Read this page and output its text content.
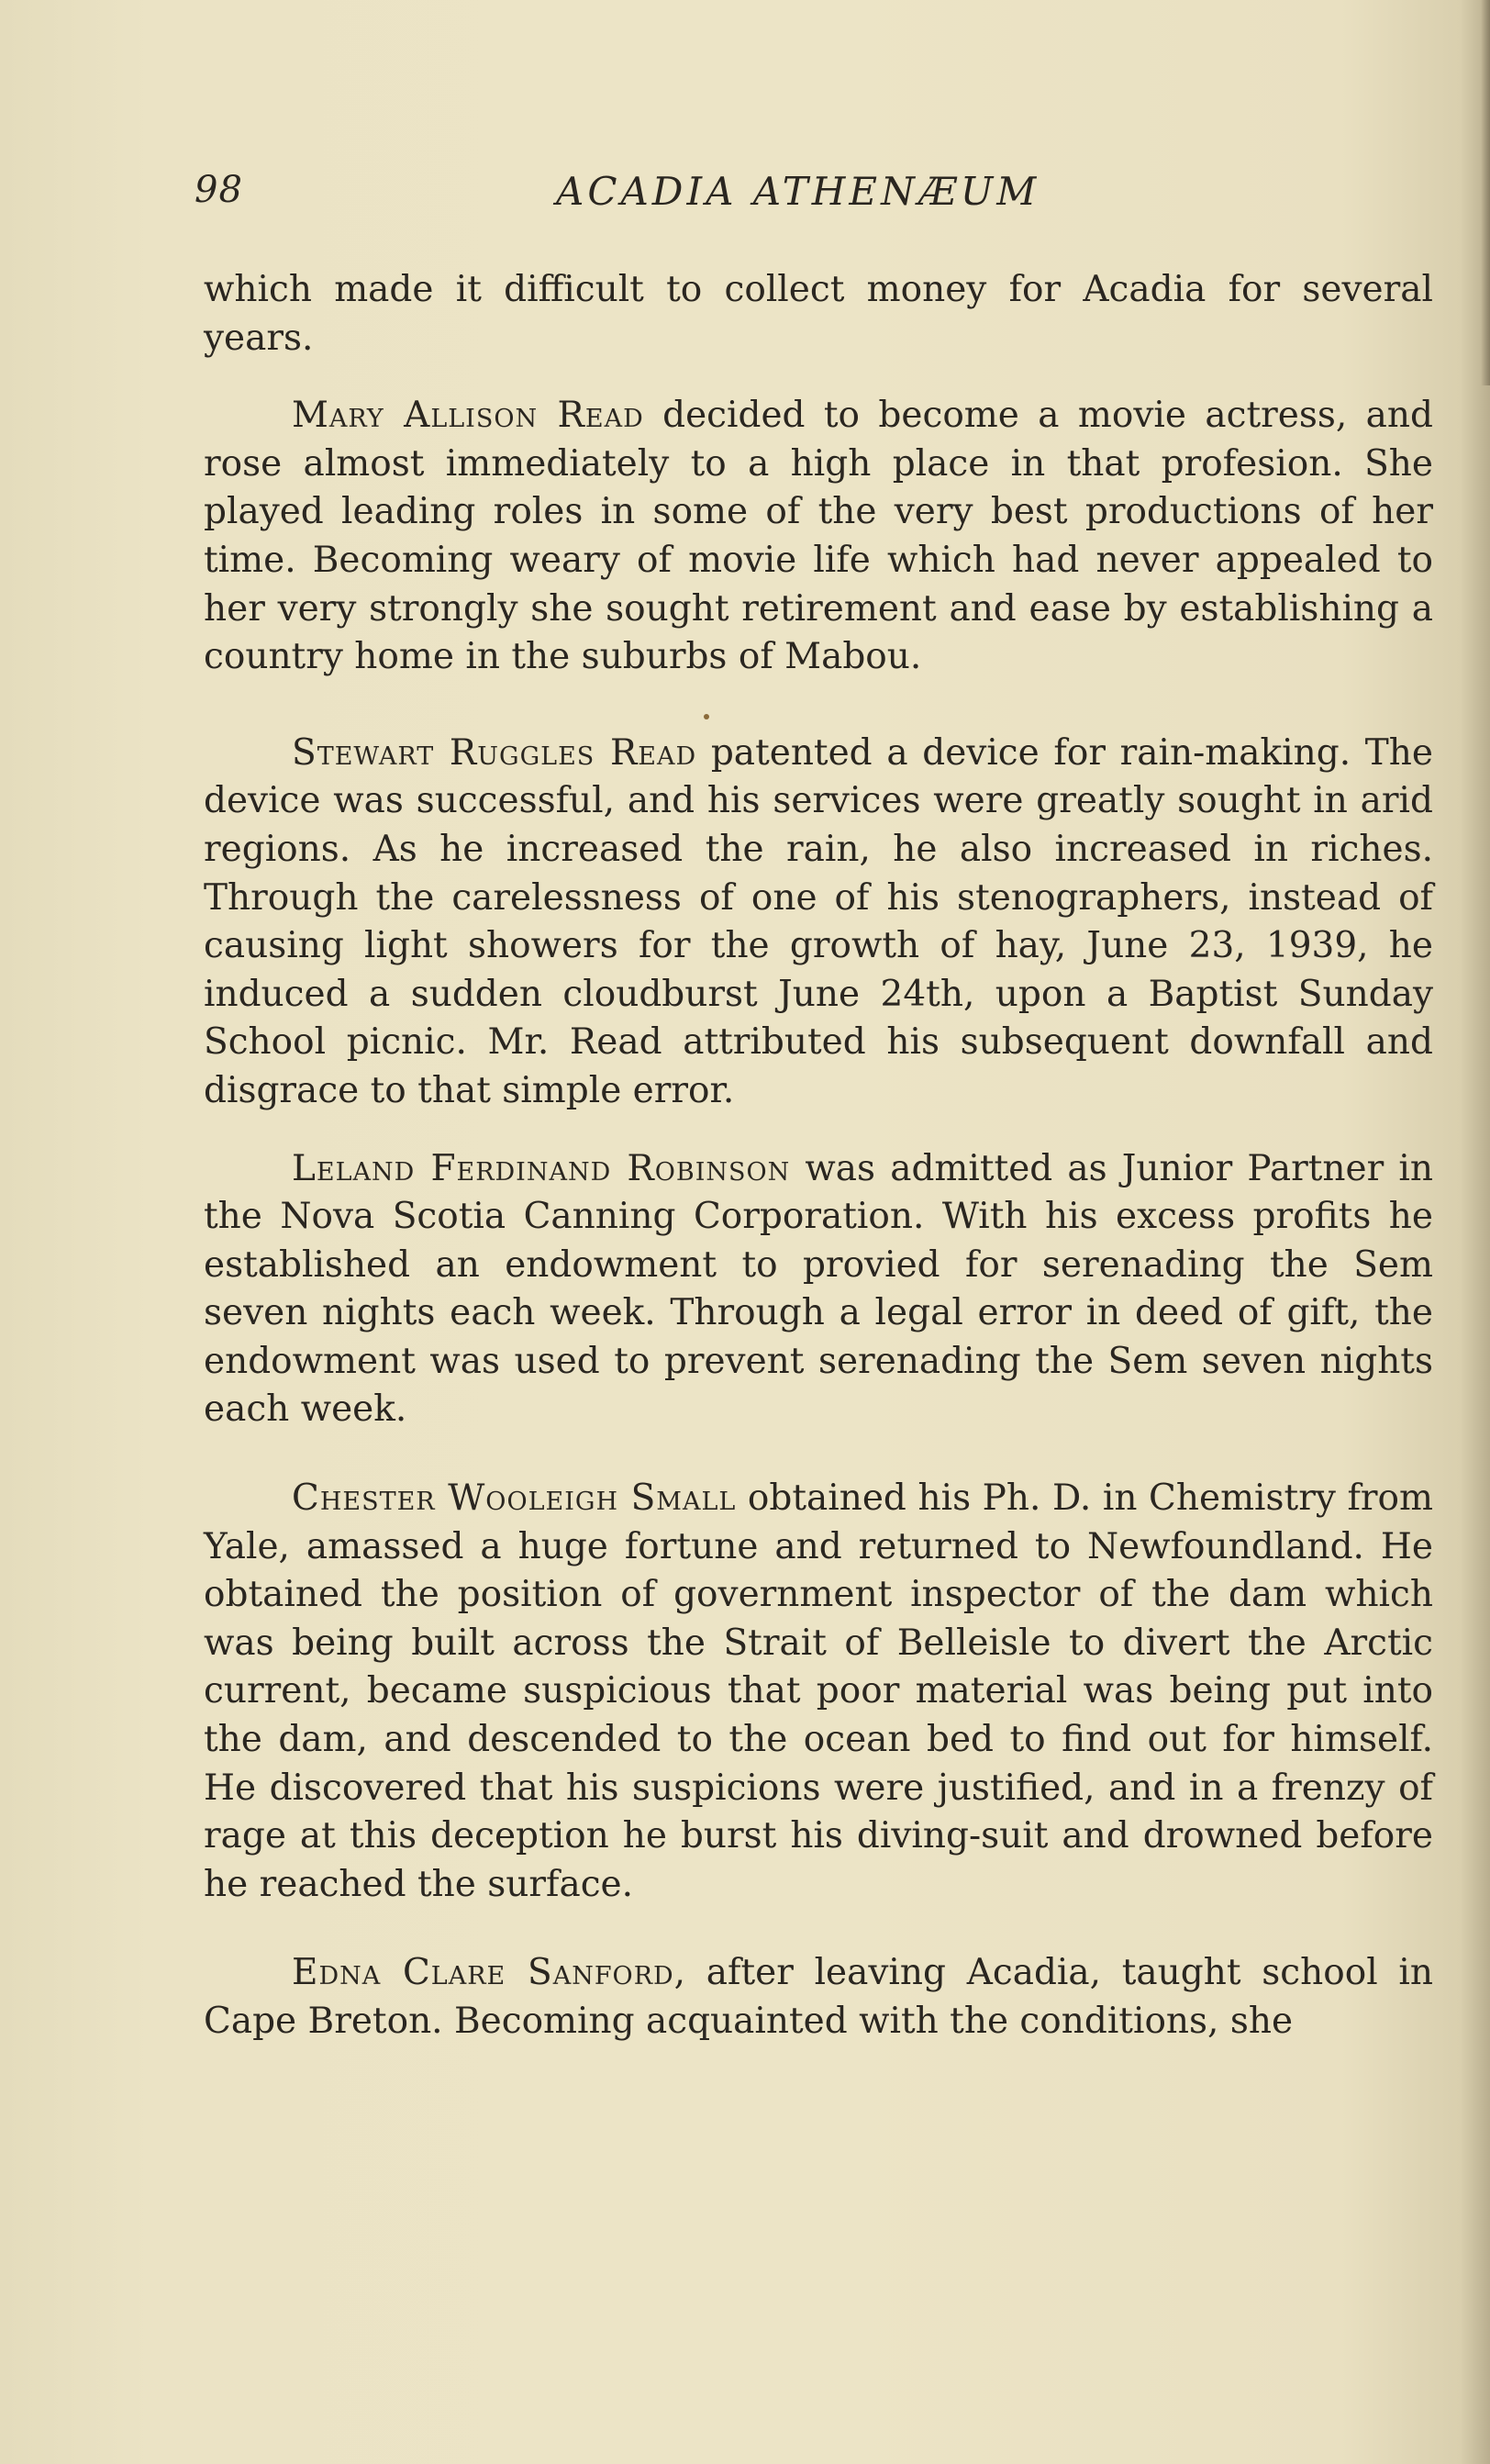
98	ACADIA ATHENÆUM

which made it difficult to collect money for Acadia for several years.

Mary Allison Read decided to become a movie actress, and rose almost immediately to a high place in that profesion. She played leading roles in some of the very best productions of her time. Becoming weary of movie life which had never appealed to her very strongly she sought retirement and ease by establishing a country home in the suburbs of Mabou.

Stewart Ruggles Read patented a device for rain-making. The device was successful, and his services were greatly sought in arid regions. As he increased the rain, he also increased in riches. Through the carelessness of one of his stenographers, instead of causing light showers for the growth of hay, June 23, 1939, he induced a sudden cloudburst June 24th, upon a Baptist Sunday School picnic. Mr. Read attributed his subsequent downfall and disgrace to that simple error.

Leland Ferdinand Robinson was admitted as Junior Partner in the Nova Scotia Canning Corporation. With his excess profits he established an endowment to provied for serenading the Sem seven nights each week. Through a legal error in deed of gift, the endowment was used to prevent serenading the Sem seven nights each week.

Chester Wooleigh Small obtained his Ph. D. in Chemistry from Yale, amassed a huge fortune and returned to Newfoundland. He obtained the position of government inspector of the dam which was being built across the Strait of Belleisle to divert the Arctic current, became suspicious that poor material was being put into the dam, and descended to the ocean bed to find out for himself. He discovered that his suspicions were justified, and in a frenzy of rage at this deception he burst his diving-suit and drowned before he reached the surface.

Edna Clare Sanford, after leaving Acadia, taught school in Cape Breton. Becoming acquainted with the conditions, she
